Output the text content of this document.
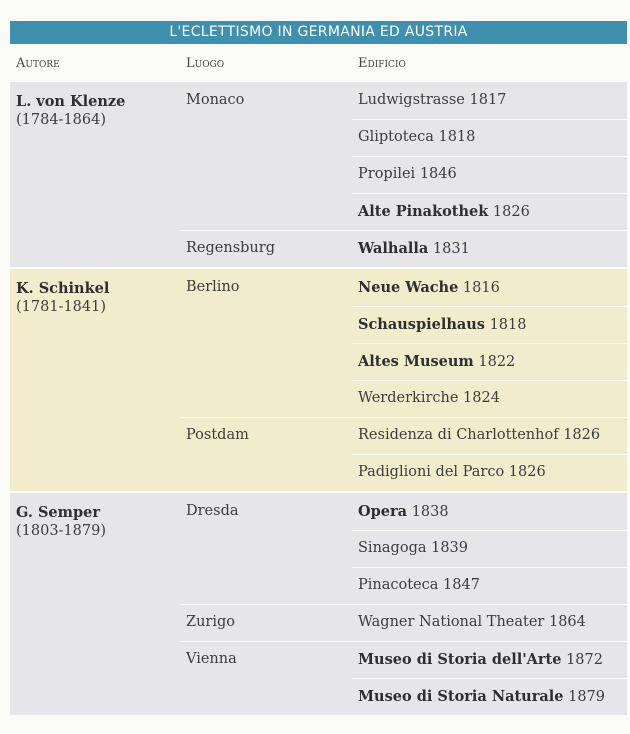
L'ECLETTISMO IN GERMANIA ED AUSTRIA
Autore	Luogo	Edificio
L. von Klenze
(1784-1864)
Monaco	Ludwigstrasse 1817
Gliptoteca 1818
Propilei 1846
Alte Pinakothek 1826
Regensburg	Walhalla 1831
K. Schinkel
(1781-1841)
Berlino	Neue Wache 1816
Schauspielhaus 1818
Altes Museum 1822
Werderkirche 1824
Postdam	Residenza di Charlottenhof 1826
Padiglioni del Parco 1826
G. Semper
(1803-1879)
Dresda	Opera 1838
Sinagoga 1839
Pinacoteca 1847
Zurigo	Wagner National Theater 1864
Vienna	Museo di Storia dell'Arte 1872
Museo di Storia Naturale 1879
